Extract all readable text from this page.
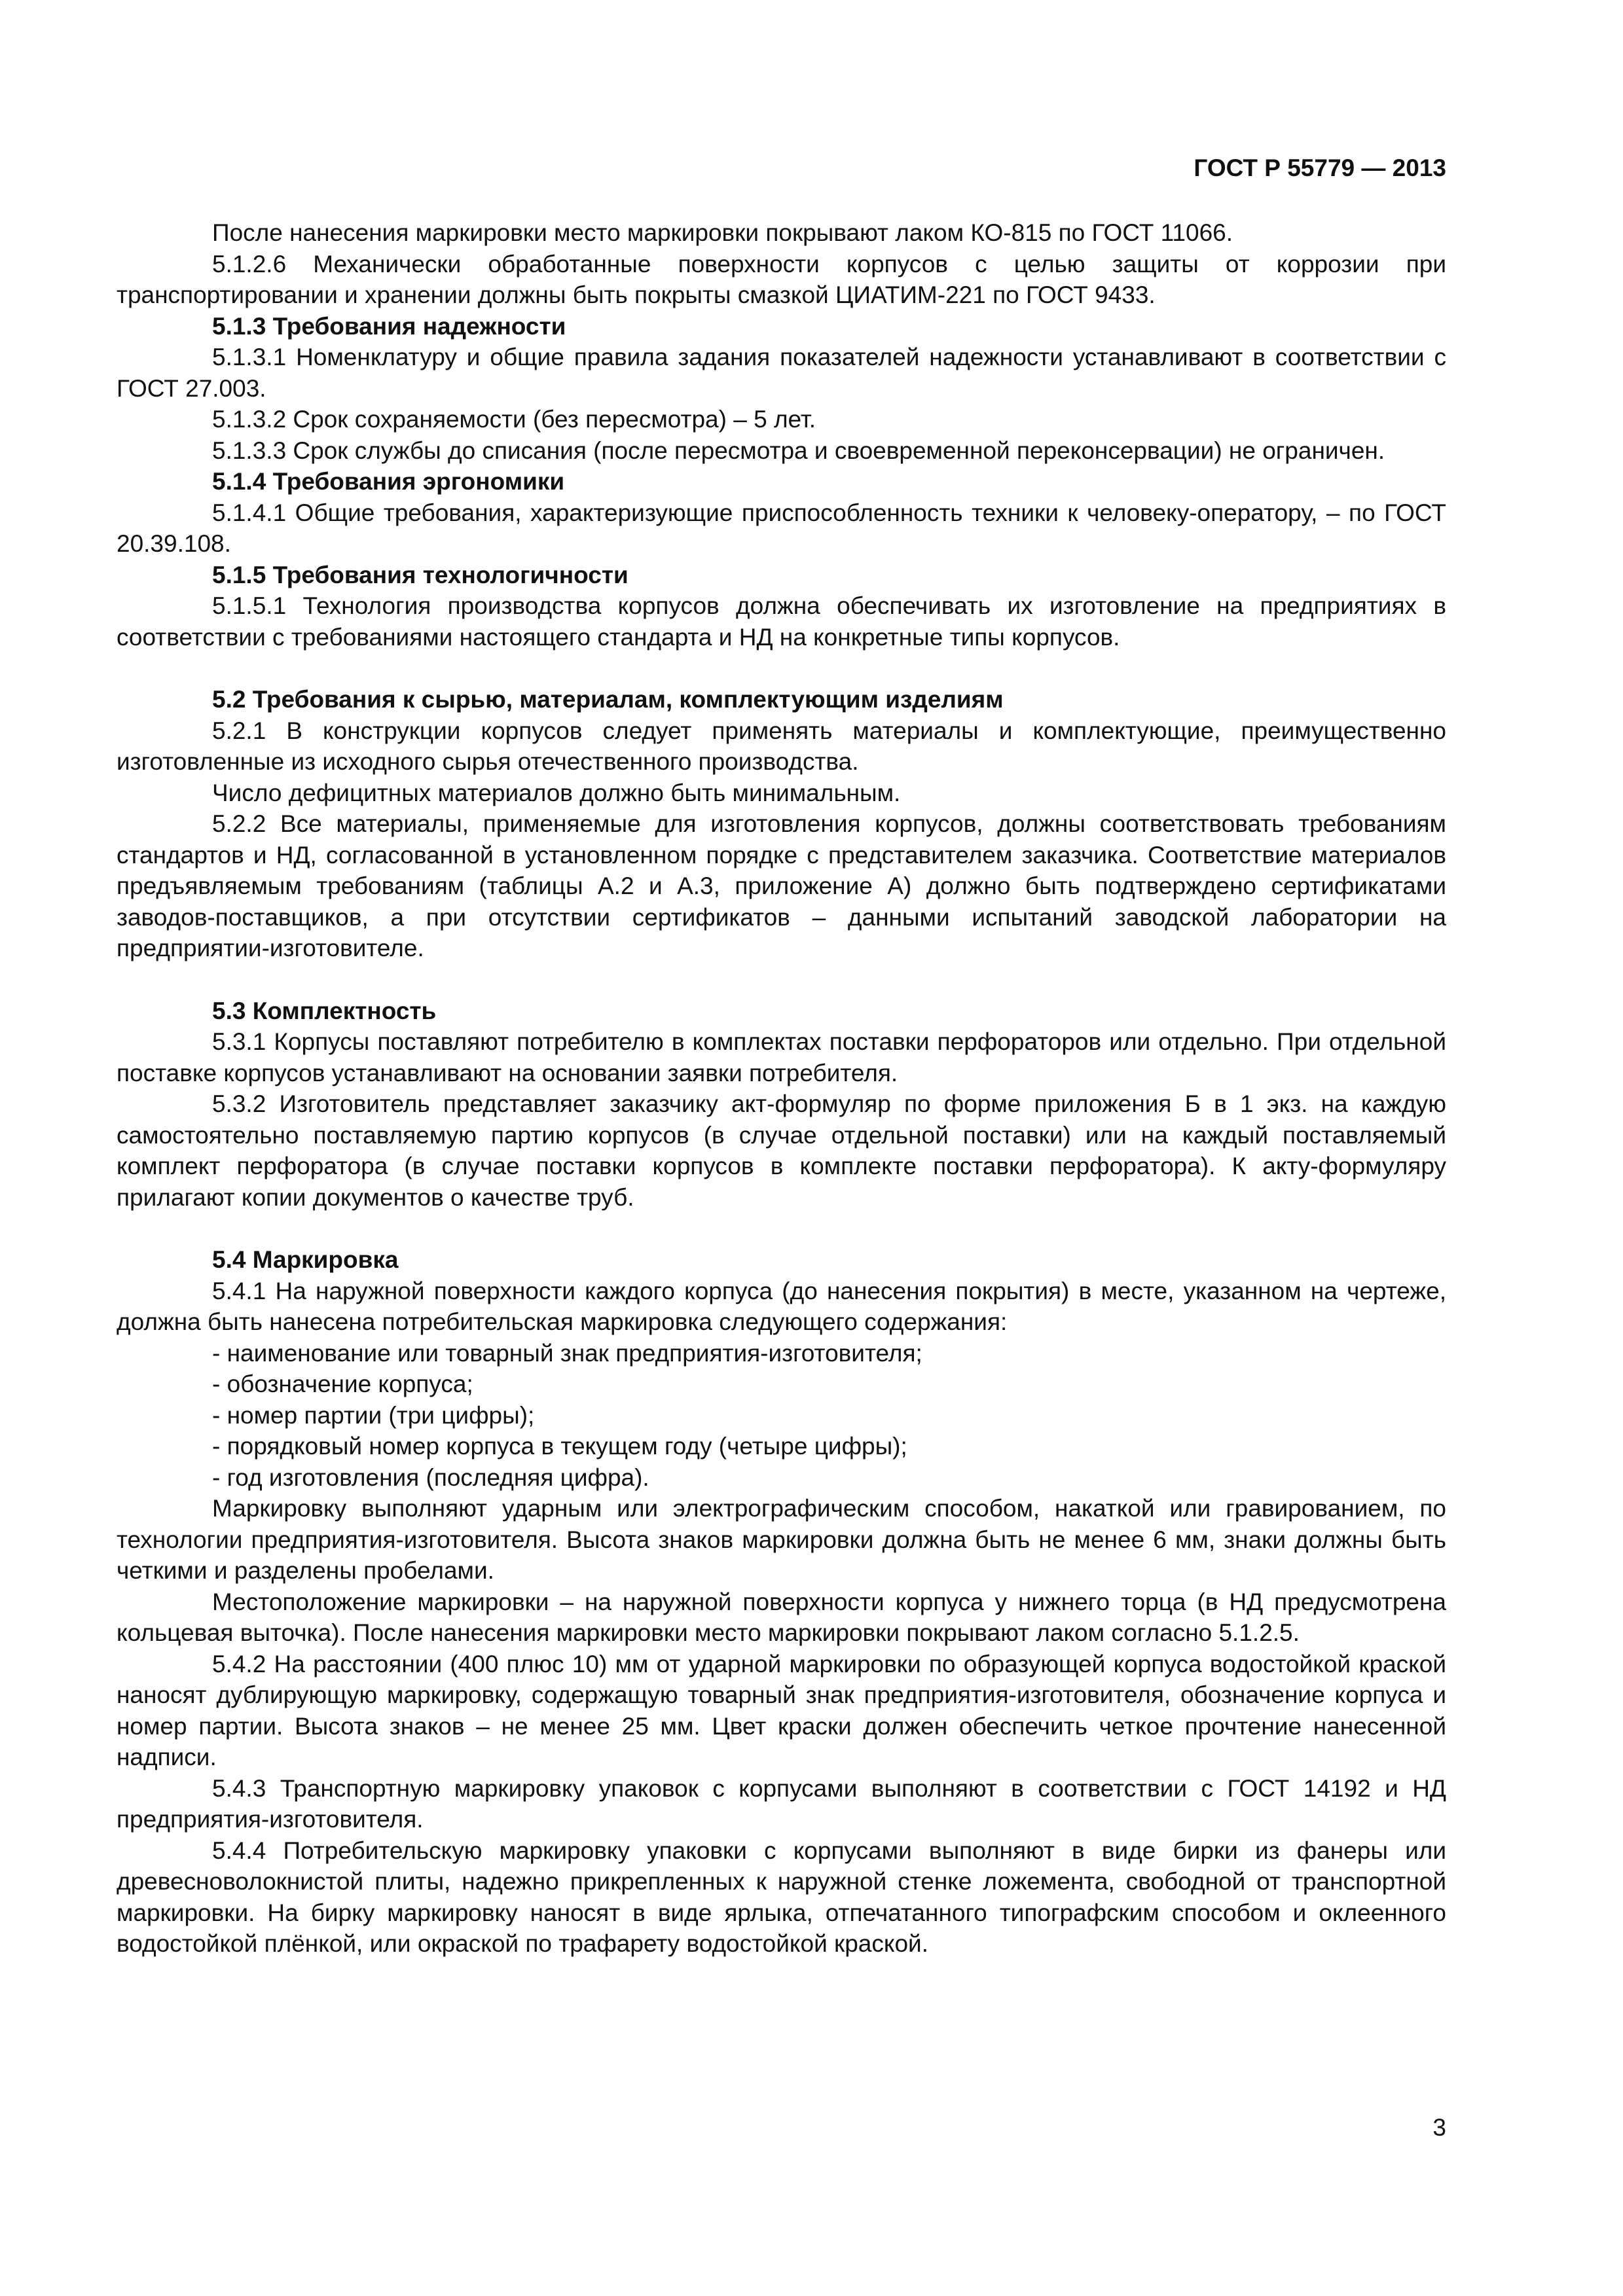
ГОСТ Р 55779 — 2013

После нанесения маркировки место маркировки покрывают лаком КО-815 по ГОСТ 11066.

5.1.2.6 Механически обработанные поверхности корпусов с целью защиты от коррозии при транспортировании и хранении должны быть покрыты смазкой ЦИАТИМ-221 по ГОСТ 9433.

5.1.3 Требования надежности

5.1.3.1 Номенклатуру и общие правила задания показателей надежности устанавливают в соответствии с ГОСТ 27.003.

5.1.3.2 Срок сохраняемости (без пересмотра) – 5 лет.

5.1.3.3 Срок службы до списания (после пересмотра и своевременной переконсервации) не ограничен.

5.1.4 Требования эргономики

5.1.4.1 Общие требования, характеризующие приспособленность техники к человеку-оператору, – по ГОСТ 20.39.108.

5.1.5 Требования технологичности

5.1.5.1 Технология производства корпусов должна обеспечивать их изготовление на предприятиях в соответствии с требованиями настоящего стандарта и НД на конкретные типы корпусов.

5.2 Требования к сырью, материалам, комплектующим изделиям

5.2.1 В конструкции корпусов следует применять материалы и комплектующие, преимущественно изготовленные из исходного сырья отечественного производства.

Число дефицитных материалов должно быть минимальным.

5.2.2 Все материалы, применяемые для изготовления корпусов, должны соответствовать требованиям стандартов и НД, согласованной в установленном порядке с представителем заказчика. Соответствие материалов предъявляемым требованиям (таблицы А.2 и А.3, приложение А) должно быть подтверждено сертификатами заводов-поставщиков, а при отсутствии сертификатов – данными испытаний заводской лаборатории на предприятии-изготовителе.

5.3 Комплектность

5.3.1 Корпусы поставляют потребителю в комплектах поставки перфораторов или отдельно. При отдельной поставке корпусов устанавливают на основании заявки потребителя.

5.3.2 Изготовитель представляет заказчику акт-формуляр по форме приложения Б в 1 экз. на каждую самостоятельно поставляемую партию корпусов (в случае отдельной поставки) или на каждый поставляемый комплект перфоратора (в случае поставки корпусов в комплекте поставки перфоратора). К акту-формуляру прилагают копии документов о качестве труб.

5.4 Маркировка

5.4.1 На наружной поверхности каждого корпуса (до нанесения покрытия) в месте, указанном на чертеже, должна быть нанесена потребительская маркировка следующего содержания:

- наименование или товарный знак предприятия-изготовителя;

- обозначение корпуса;

- номер партии (три цифры);

- порядковый номер корпуса в текущем году (четыре цифры);

- год изготовления (последняя цифра).

Маркировку выполняют ударным или электрографическим способом, накаткой или гравированием, по технологии предприятия-изготовителя. Высота знаков маркировки должна быть не менее 6 мм, знаки должны быть четкими и разделены пробелами.

Местоположение маркировки – на наружной поверхности корпуса у нижнего торца (в НД предусмотрена кольцевая выточка). После нанесения маркировки место маркировки покрывают лаком согласно 5.1.2.5.

5.4.2 На расстоянии (400 плюс 10) мм от ударной маркировки по образующей корпуса водостойкой краской наносят дублирующую маркировку, содержащую товарный знак предприятия-изготовителя, обозначение корпуса и номер партии. Высота знаков – не менее 25 мм. Цвет краски должен обеспечить четкое прочтение нанесенной надписи.

5.4.3 Транспортную маркировку упаковок с корпусами выполняют в соответствии с ГОСТ 14192 и НД предприятия-изготовителя.

5.4.4 Потребительскую маркировку упаковки с корпусами выполняют в виде бирки из фанеры или древесноволокнистой плиты, надежно прикрепленных к наружной стенке ложемента, свободной от транспортной маркировки. На бирку маркировку наносят в виде ярлыка, отпечатанного типографским способом и оклеенного водостойкой плёнкой, или окраской по трафарету водостойкой краской.

3
